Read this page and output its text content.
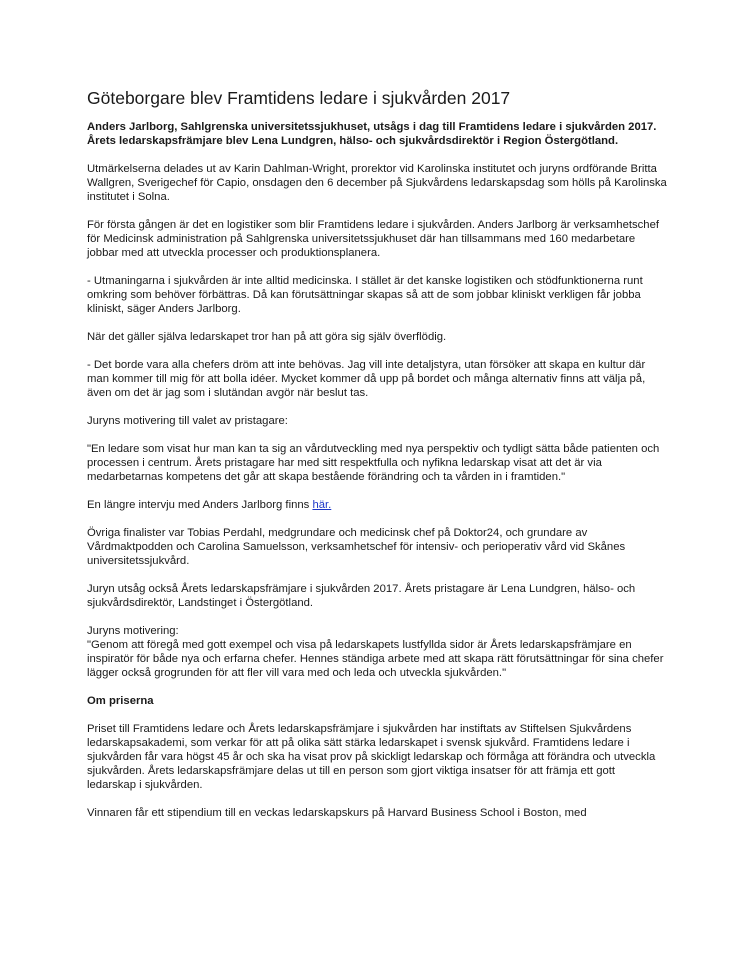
Göteborgare blev Framtidens ledare i sjukvården 2017

Anders Jarlborg, Sahlgrenska universitetssjukhuset, utsågs i dag till Framtidens ledare i sjukvården 2017. Årets ledarskapsfrämjare blev Lena Lundgren, hälso- och sjukvårdsdirektör i Region Östergötland.

Utmärkelserna delades ut av Karin Dahlman-Wright, prorektor vid Karolinska institutet och juryns ordförande Britta Wallgren, Sverigechef för Capio, onsdagen den 6 december på Sjukvårdens ledarskapsdag som hölls på Karolinska institutet i Solna.

För första gången är det en logistiker som blir Framtidens ledare i sjukvården. Anders Jarlborg är verksamhetschef för Medicinsk administration på Sahlgrenska universitetssjukhuset där han tillsammans med 160 medarbetare jobbar med att utveckla processer och produktionsplanera.

- Utmaningarna i sjukvården är inte alltid medicinska. I stället är det kanske logistiken och stödfunktionerna runt omkring som behöver förbättras. Då kan förutsättningar skapas så att de som jobbar kliniskt verkligen får jobba kliniskt, säger Anders Jarlborg.

När det gäller själva ledarskapet tror han på att göra sig själv överflödig.

- Det borde vara alla chefers dröm att inte behövas. Jag vill inte detaljstyra, utan försöker att skapa en kultur där man kommer till mig för att bolla idéer. Mycket kommer då upp på bordet och många alternativ finns att välja på, även om det är jag som i slutändan avgör när beslut tas.

Juryns motivering till valet av pristagare:

"En ledare som visat hur man kan ta sig an vårdutveckling med nya perspektiv och tydligt sätta både patienten och processen i centrum. Årets pristagare har med sitt respektfulla och nyfikna ledarskap visat att det är via medarbetarnas kompetens det går att skapa bestående förändring och ta vården in i framtiden."

En längre intervju med Anders Jarlborg finns här.

Övriga finalister var Tobias Perdahl, medgrundare och medicinsk chef på Doktor24, och grundare av Vårdmaktpodden och Carolina Samuelsson, verksamhetschef för intensiv- och perioperativ vård vid Skånes universitetssjukvård.

Juryn utsåg också Årets ledarskapsfrämjare i sjukvården 2017. Årets pristagare är Lena Lundgren, hälso- och sjukvårdsdirektör, Landstinget i Östergötland.

Juryns motivering:
"Genom att föregå med gott exempel och visa på ledarskapets lustfyllda sidor är Årets ledarskapsfrämjare en inspiratör för både nya och erfarna chefer. Hennes ständiga arbete med att skapa rätt förutsättningar för sina chefer lägger också grogrunden för att fler vill vara med och leda och utveckla sjukvården."

Om priserna

Priset till Framtidens ledare och Årets ledarskapsfrämjare i sjukvården har instiftats av Stiftelsen Sjukvårdens ledarskapsakademi, som verkar för att på olika sätt stärka ledarskapet i svensk sjukvård. Framtidens ledare i sjukvården får vara högst 45 år och ska ha visat prov på skickligt ledarskap och förmåga att förändra och utveckla sjukvården. Årets ledarskapsfrämjare delas ut till en person som gjort viktiga insatser för att främja ett gott ledarskap i sjukvården.

Vinnaren får ett stipendium till en veckas ledarskapskurs på Harvard Business School i Boston, med
